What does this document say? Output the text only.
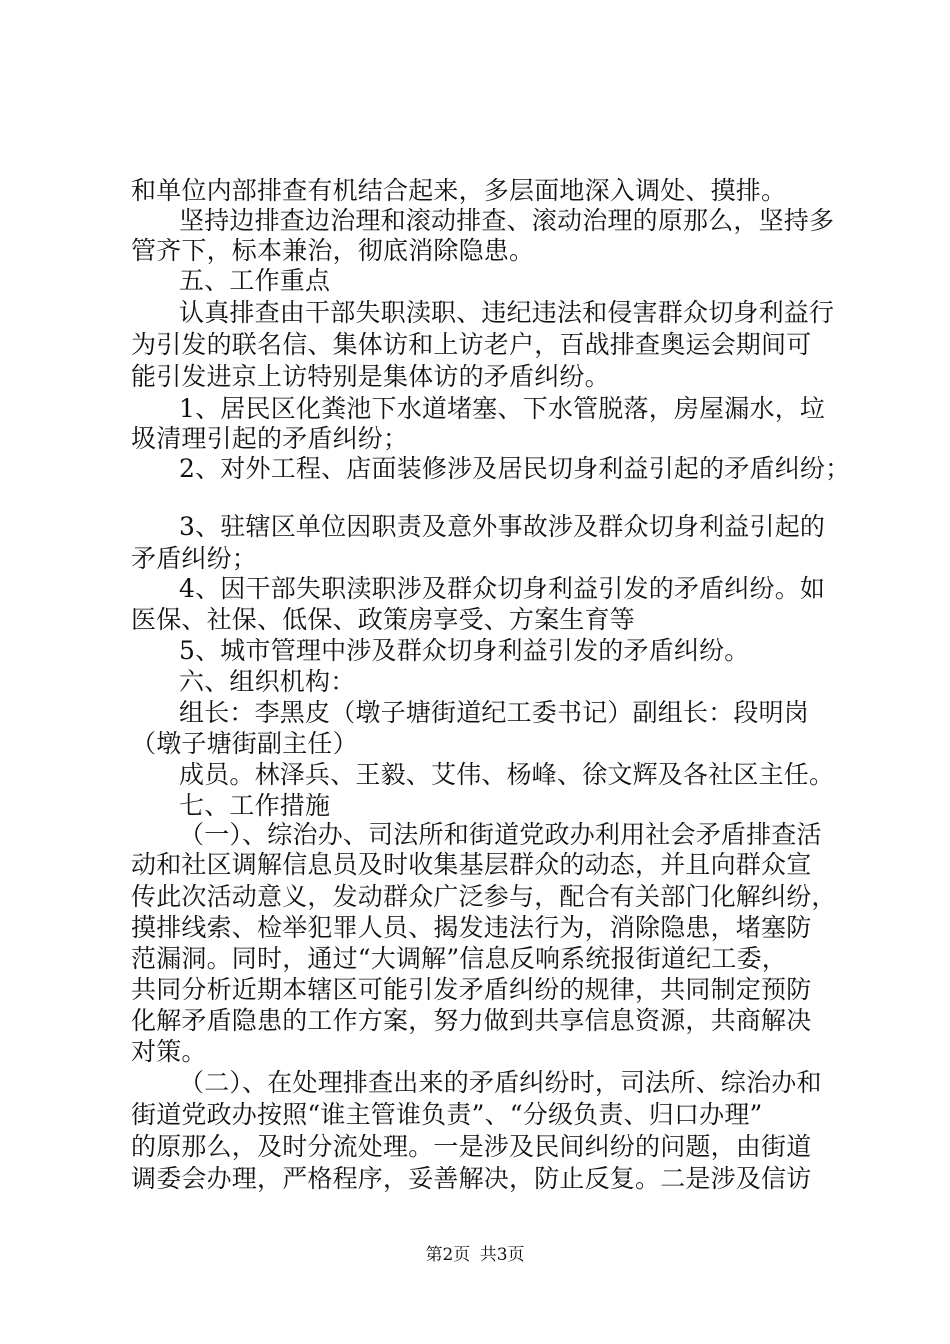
和单位内部排查有机结合起来，多层面地深入调处、摸排。
坚持边排查边治理和滚动排查、滚动治理的原那么，坚持多
管齐下，标本兼治，彻底消除隐患。
五、工作重点
认真排查由干部失职渎职、违纪违法和侵害群众切身利益行
为引发的联名信、集体访和上访老户，百战排查奥运会期间可
能引发进京上访特别是集体访的矛盾纠纷。
1、居民区化粪池下水道堵塞、下水管脱落，房屋漏水，垃
圾清理引起的矛盾纠纷；
2、对外工程、店面装修涉及居民切身利益引起的矛盾纠纷；
3、驻辖区单位因职责及意外事故涉及群众切身利益引起的
矛盾纠纷；
4、因干部失职渎职涉及群众切身利益引发的矛盾纠纷。如
医保、社保、低保、政策房享受、方案生育等
5、城市管理中涉及群众切身利益引发的矛盾纠纷。
六、组织机构：
组长：李黑皮（墩子塘街道纪工委书记）副组长：段明岗
（墩子塘街副主任）
成员。林泽兵、王毅、艾伟、杨峰、徐文辉及各社区主任。
七、工作措施
（一）、综治办、司法所和街道党政办利用社会矛盾排查活
动和社区调解信息员及时收集基层群众的动态，并且向群众宣
传此次活动意义，发动群众广泛参与，配合有关部门化解纠纷，
摸排线索、检举犯罪人员、揭发违法行为，消除隐患，堵塞防
范漏洞。同时，通过“大调解”信息反响系统报街道纪工委，
共同分析近期本辖区可能引发矛盾纠纷的规律，共同制定预防
化解矛盾隐患的工作方案，努力做到共享信息资源，共商解决
对策。
（二）、在处理排查出来的矛盾纠纷时，司法所、综治办和
街道党政办按照“谁主管谁负责”、“分级负责、归口办理”
的原那么，及时分流处理。一是涉及民间纠纷的问题，由街道
调委会办理，严格程序，妥善解决，防止反复。二是涉及信访
第2页 共3页
